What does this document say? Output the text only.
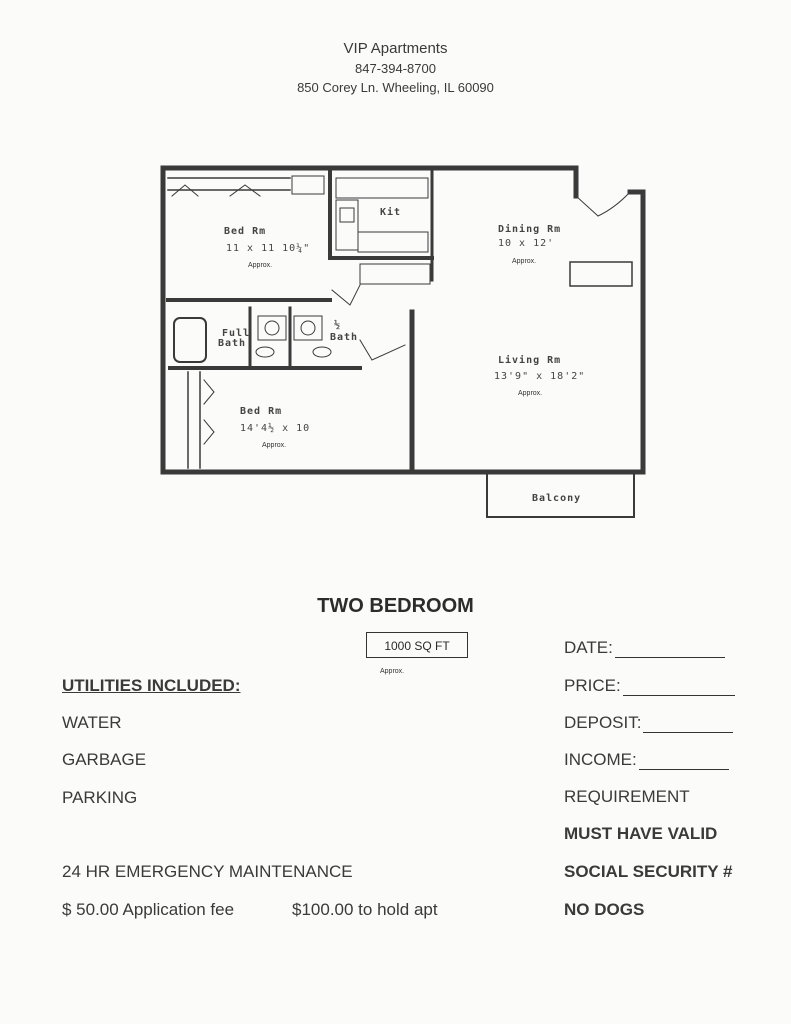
VIP Apartments
847-394-8700
850 Corey Ln. Wheeling, IL 60090
Bed Rm
11 x 11 10¼"
Approx.
Kit
Dining Rm
10 x 12'
Approx.
Full
Bath
½
Bath
Living Rm
13'9" x 18'2"
Approx.
Bed Rm
14'4½ x 10
Approx.
Balcony
TWO BEDROOM
1000 SQ FT
Approx.
UTILITIES INCLUDED:
WATER
GARBAGE
PARKING
24 HR EMERGENCY MAINTENANCE
$ 50.00 Application fee	$100.00 to hold apt
DATE:
PRICE:
DEPOSIT:
INCOME:
REQUIREMENT
MUST HAVE VALID
SOCIAL SECURITY #
NO DOGS
